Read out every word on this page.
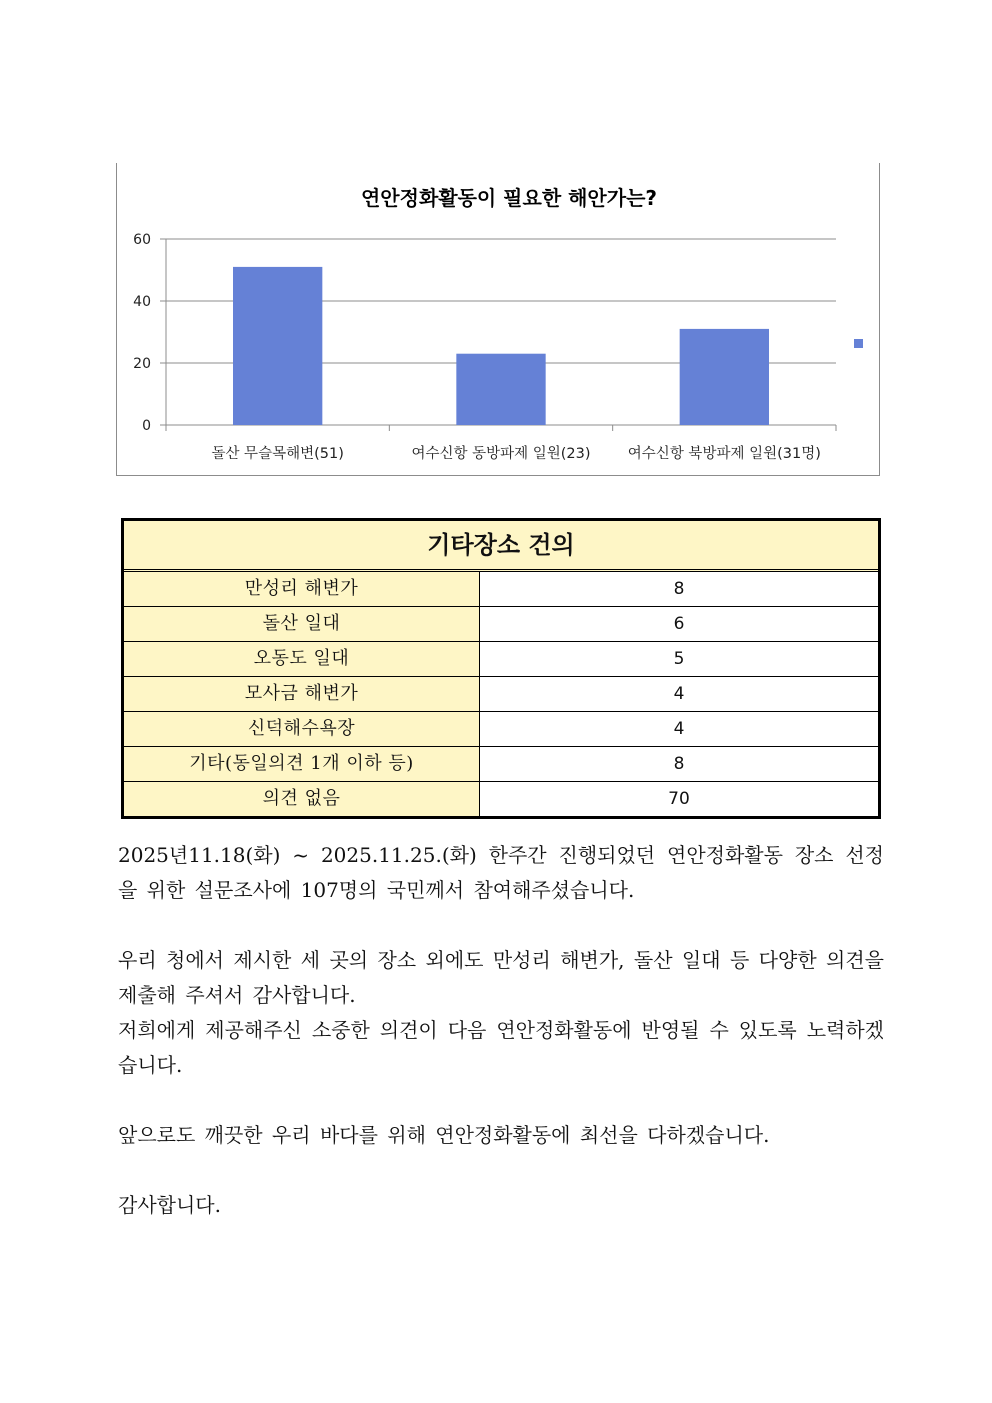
연안정화활동이 필요한 해안가는?
0
20
40
60
돌산 무슬목해변(51)	여수신항 동방파제 일원(23)	여수신항 북방파제 일원(31명)
기타장소 건의
만성리 해변가	8
돌산 일대	6
오동도 일대	5
모사금 해변가	4
신덕해수욕장	4
기타(동일의견 1개 이하 등)	8
의견 없음	70

2025년11.18(화) ~ 2025.11.25.(화) 한주간 진행되었던 연안정화활동 장소 선정을 위한 설문조사에 107명의 국민께서 참여해주셨습니다.

우리 청에서 제시한 세 곳의 장소 외에도 만성리 해변가, 돌산 일대 등 다양한 의견을 제출해 주셔서 감사합니다.

저희에게 제공해주신 소중한 의견이 다음 연안정화활동에 반영될 수 있도록 노력하겠습니다.

앞으로도 깨끗한 우리 바다를 위해 연안정화활동에 최선을 다하겠습니다.

감사합니다.
